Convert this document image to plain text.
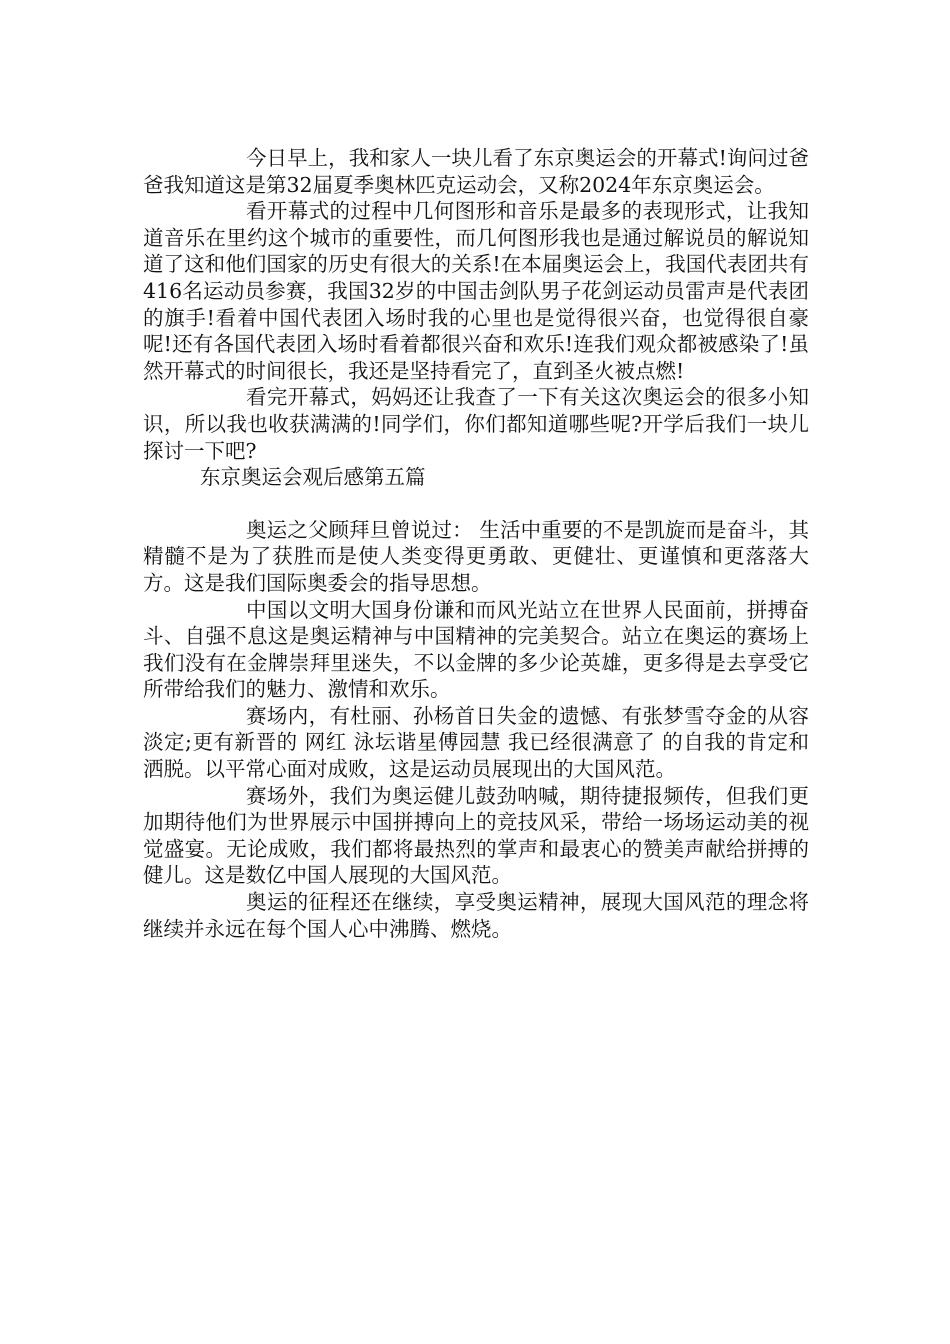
今日早上，我和家人一块儿看了东京奥运会的开幕式!询问过爸爸我知道这是第32届夏季奥林匹克运动会，又称2024年东京奥运会。

看开幕式的过程中几何图形和音乐是最多的表现形式，让我知道音乐在里约这个城市的重要性，而几何图形我也是通过解说员的解说知道了这和他们国家的历史有很大的关系!在本届奥运会上，我国代表团共有416名运动员参赛，我国32岁的中国击剑队男子花剑运动员雷声是代表团的旗手!看着中国代表团入场时我的心里也是觉得很兴奋，也觉得很自豪呢!还有各国代表团入场时看着都很兴奋和欢乐!连我们观众都被感染了!虽然开幕式的时间很长，我还是坚持看完了，直到圣火被点燃!

看完开幕式，妈妈还让我查了一下有关这次奥运会的很多小知识，所以我也收获满满的!同学们，你们都知道哪些呢?开学后我们一块儿探讨一下吧?

东京奥运会观后感第五篇

奥运之父顾拜旦曾说过： 生活中重要的不是凯旋而是奋斗，其精髓不是为了获胜而是使人类变得更勇敢、更健壮、更谨慎和更落落大方。这是我们国际奥委会的指导思想。

中国以文明大国身份谦和而风光站立在世界人民面前，拼搏奋斗、自强不息这是奥运精神与中国精神的完美契合。站立在奥运的赛场上我们没有在金牌崇拜里迷失，不以金牌的多少论英雄，更多得是去享受它所带给我们的魅力、激情和欢乐。

赛场内，有杜丽、孙杨首日失金的遗憾、有张梦雪夺金的从容淡定;更有新晋的 网红 泳坛谐星傅园慧 我已经很满意了 的自我的肯定和洒脱。以平常心面对成败，这是运动员展现出的大国风范。

赛场外，我们为奥运健儿鼓劲呐喊，期待捷报频传，但我们更加期待他们为世界展示中国拼搏向上的竞技风采，带给一场场运动美的视觉盛宴。无论成败，我们都将最热烈的掌声和最衷心的赞美声献给拼搏的健儿。这是数亿中国人展现的大国风范。

奥运的征程还在继续，享受奥运精神，展现大国风范的理念将继续并永远在每个国人心中沸腾、燃烧。
